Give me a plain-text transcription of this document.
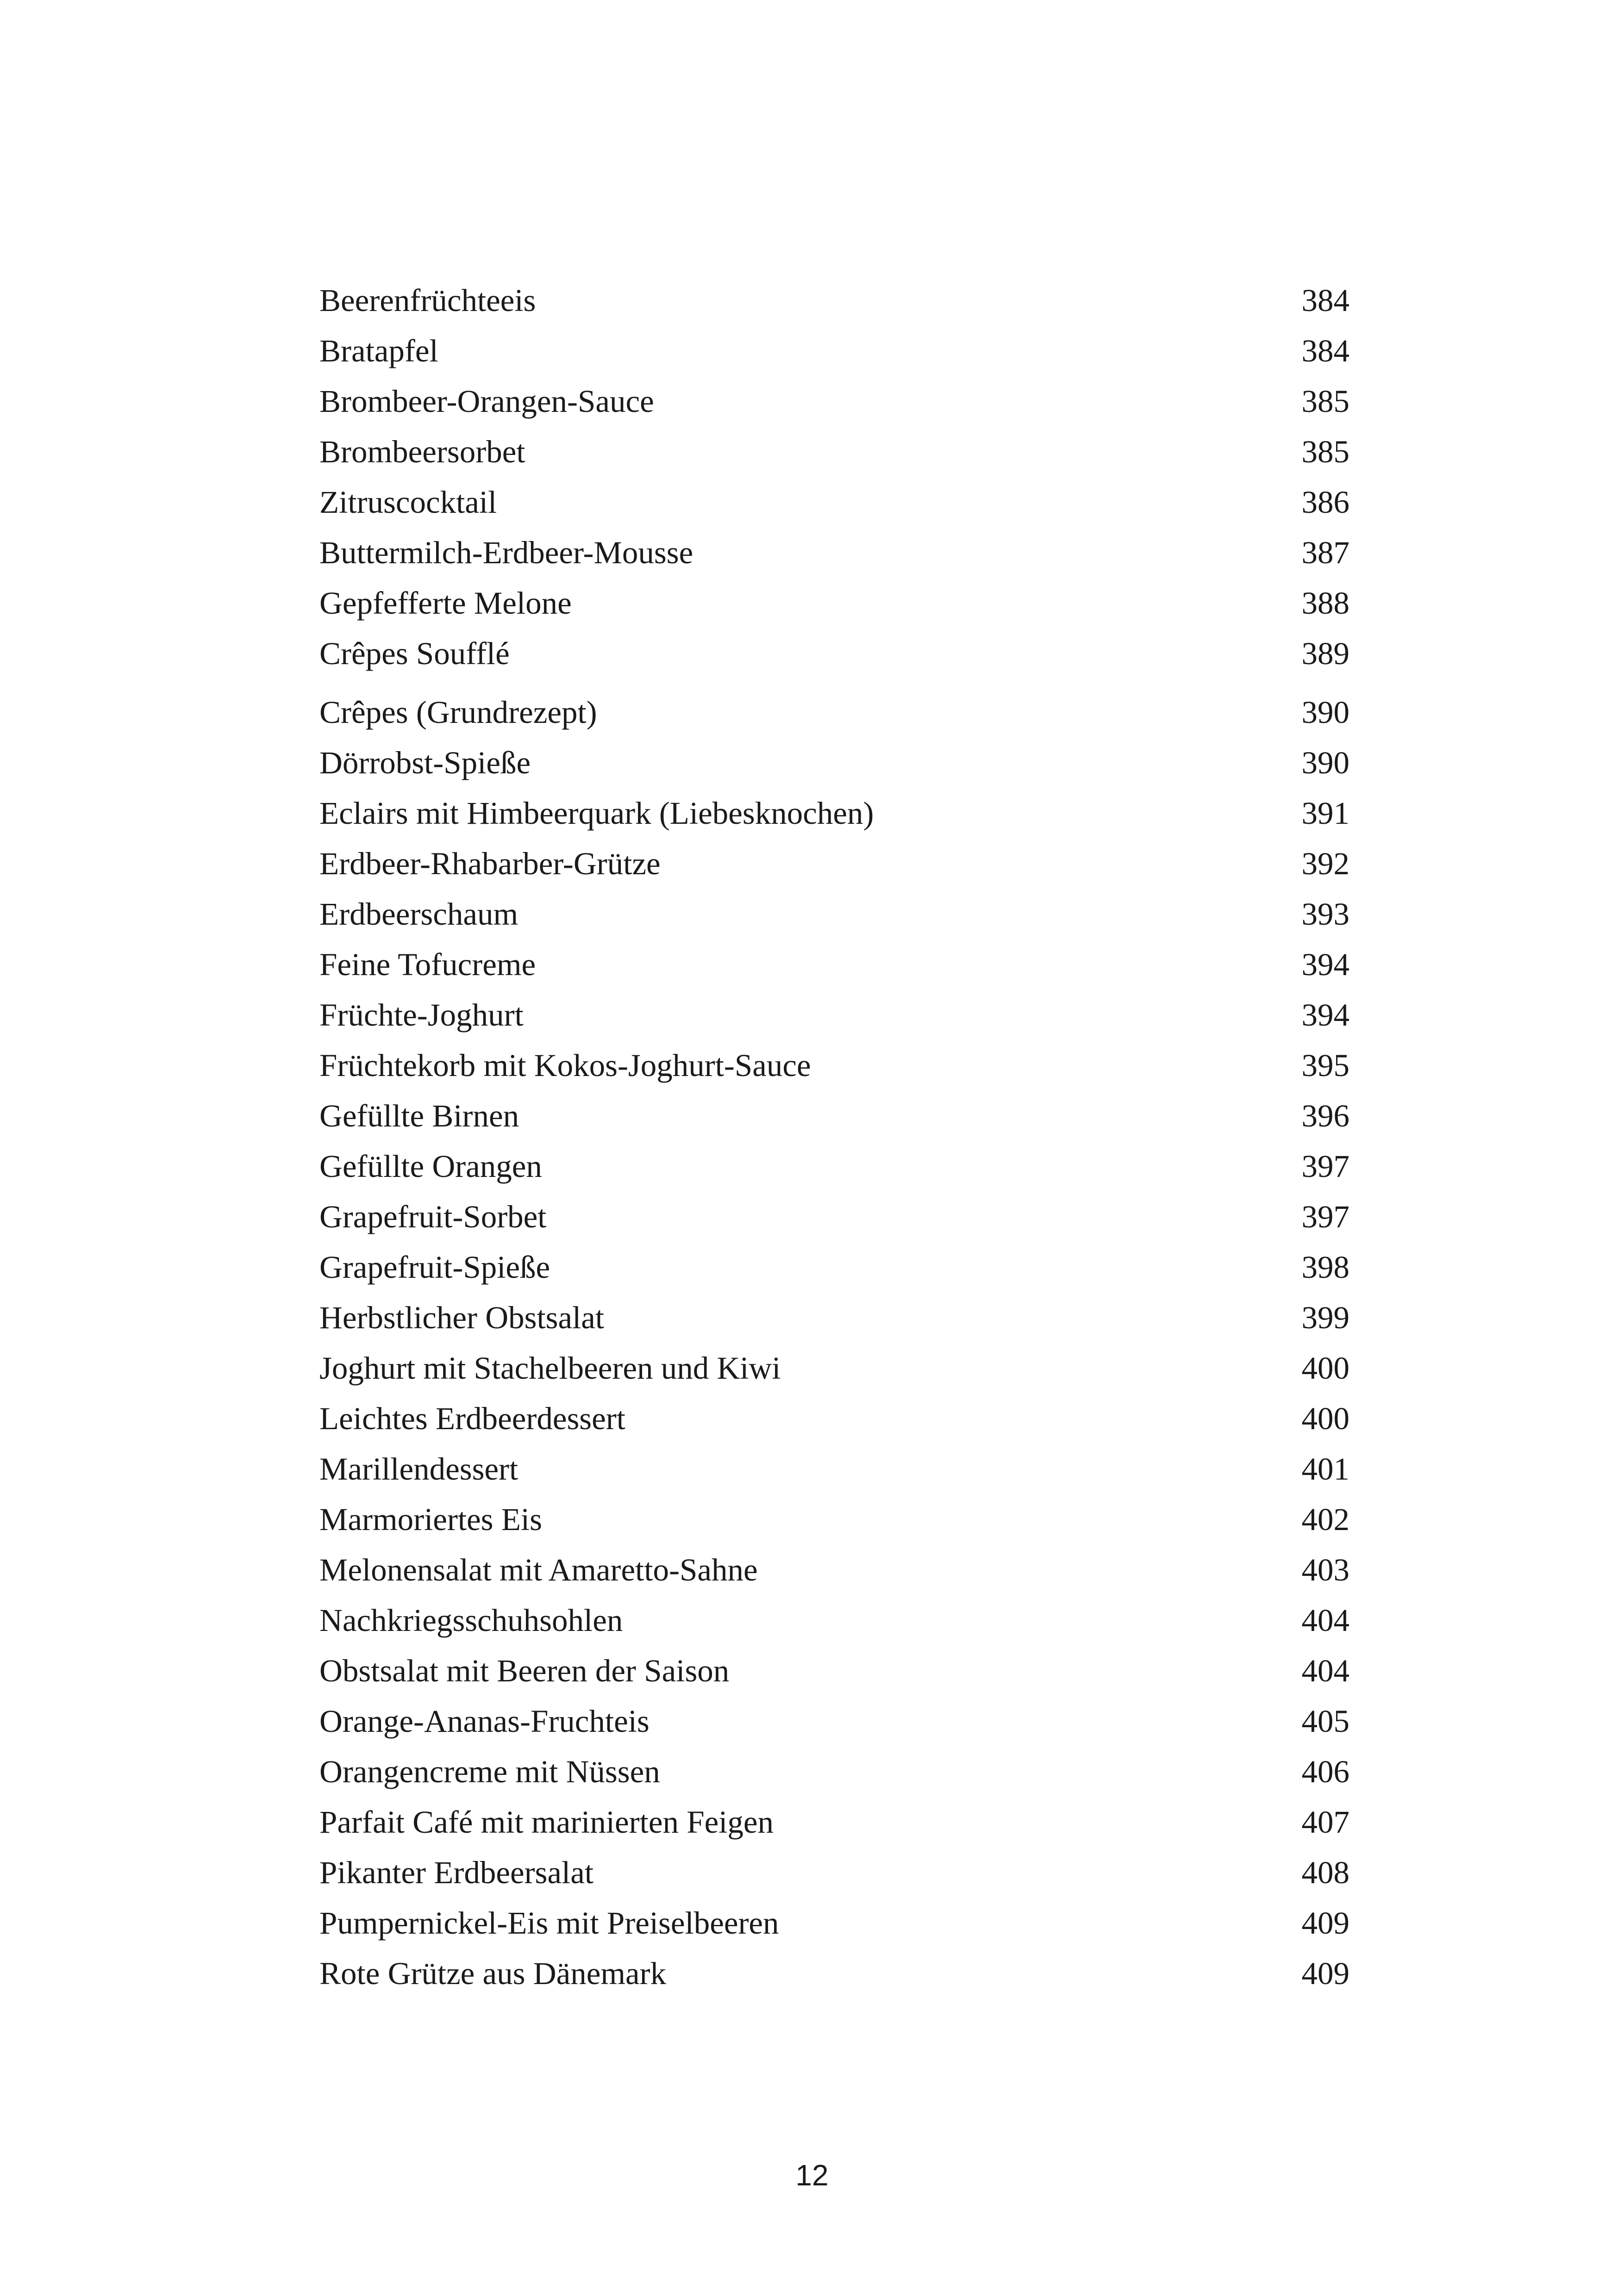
Beerenfrüchteeis	384
Bratapfel	384
Brombeer-Orangen-Sauce	385
Brombeersorbet	385
Zitruscocktail	386
Buttermilch-Erdbeer-Mousse	387
Gepfefferte Melone	388
Crêpes Soufflé	389
Crêpes (Grundrezept)	390
Dörrobst-Spieße	390
Eclairs mit Himbeerquark (Liebesknochen)	391
Erdbeer-Rhabarber-Grütze	392
Erdbeerschaum	393
Feine Tofucreme	394
Früchte-Joghurt	394
Früchtekorb mit Kokos-Joghurt-Sauce	395
Gefüllte Birnen	396
Gefüllte Orangen	397
Grapefruit-Sorbet	397
Grapefruit-Spieße	398
Herbstlicher Obstsalat	399
Joghurt mit Stachelbeeren und Kiwi	400
Leichtes Erdbeerdessert	400
Marillendessert	401
Marmoriertes Eis	402
Melonensalat mit Amaretto-Sahne	403
Nachkriegsschuhsohlen	404
Obstsalat mit Beeren der Saison	404
Orange-Ananas-Fruchteis	405
Orangencreme mit Nüssen	406
Parfait Café mit marinierten Feigen	407
Pikanter Erdbeersalat	408
Pumpernickel-Eis mit Preiselbeeren	409
Rote Grütze aus Dänemark	409
12
